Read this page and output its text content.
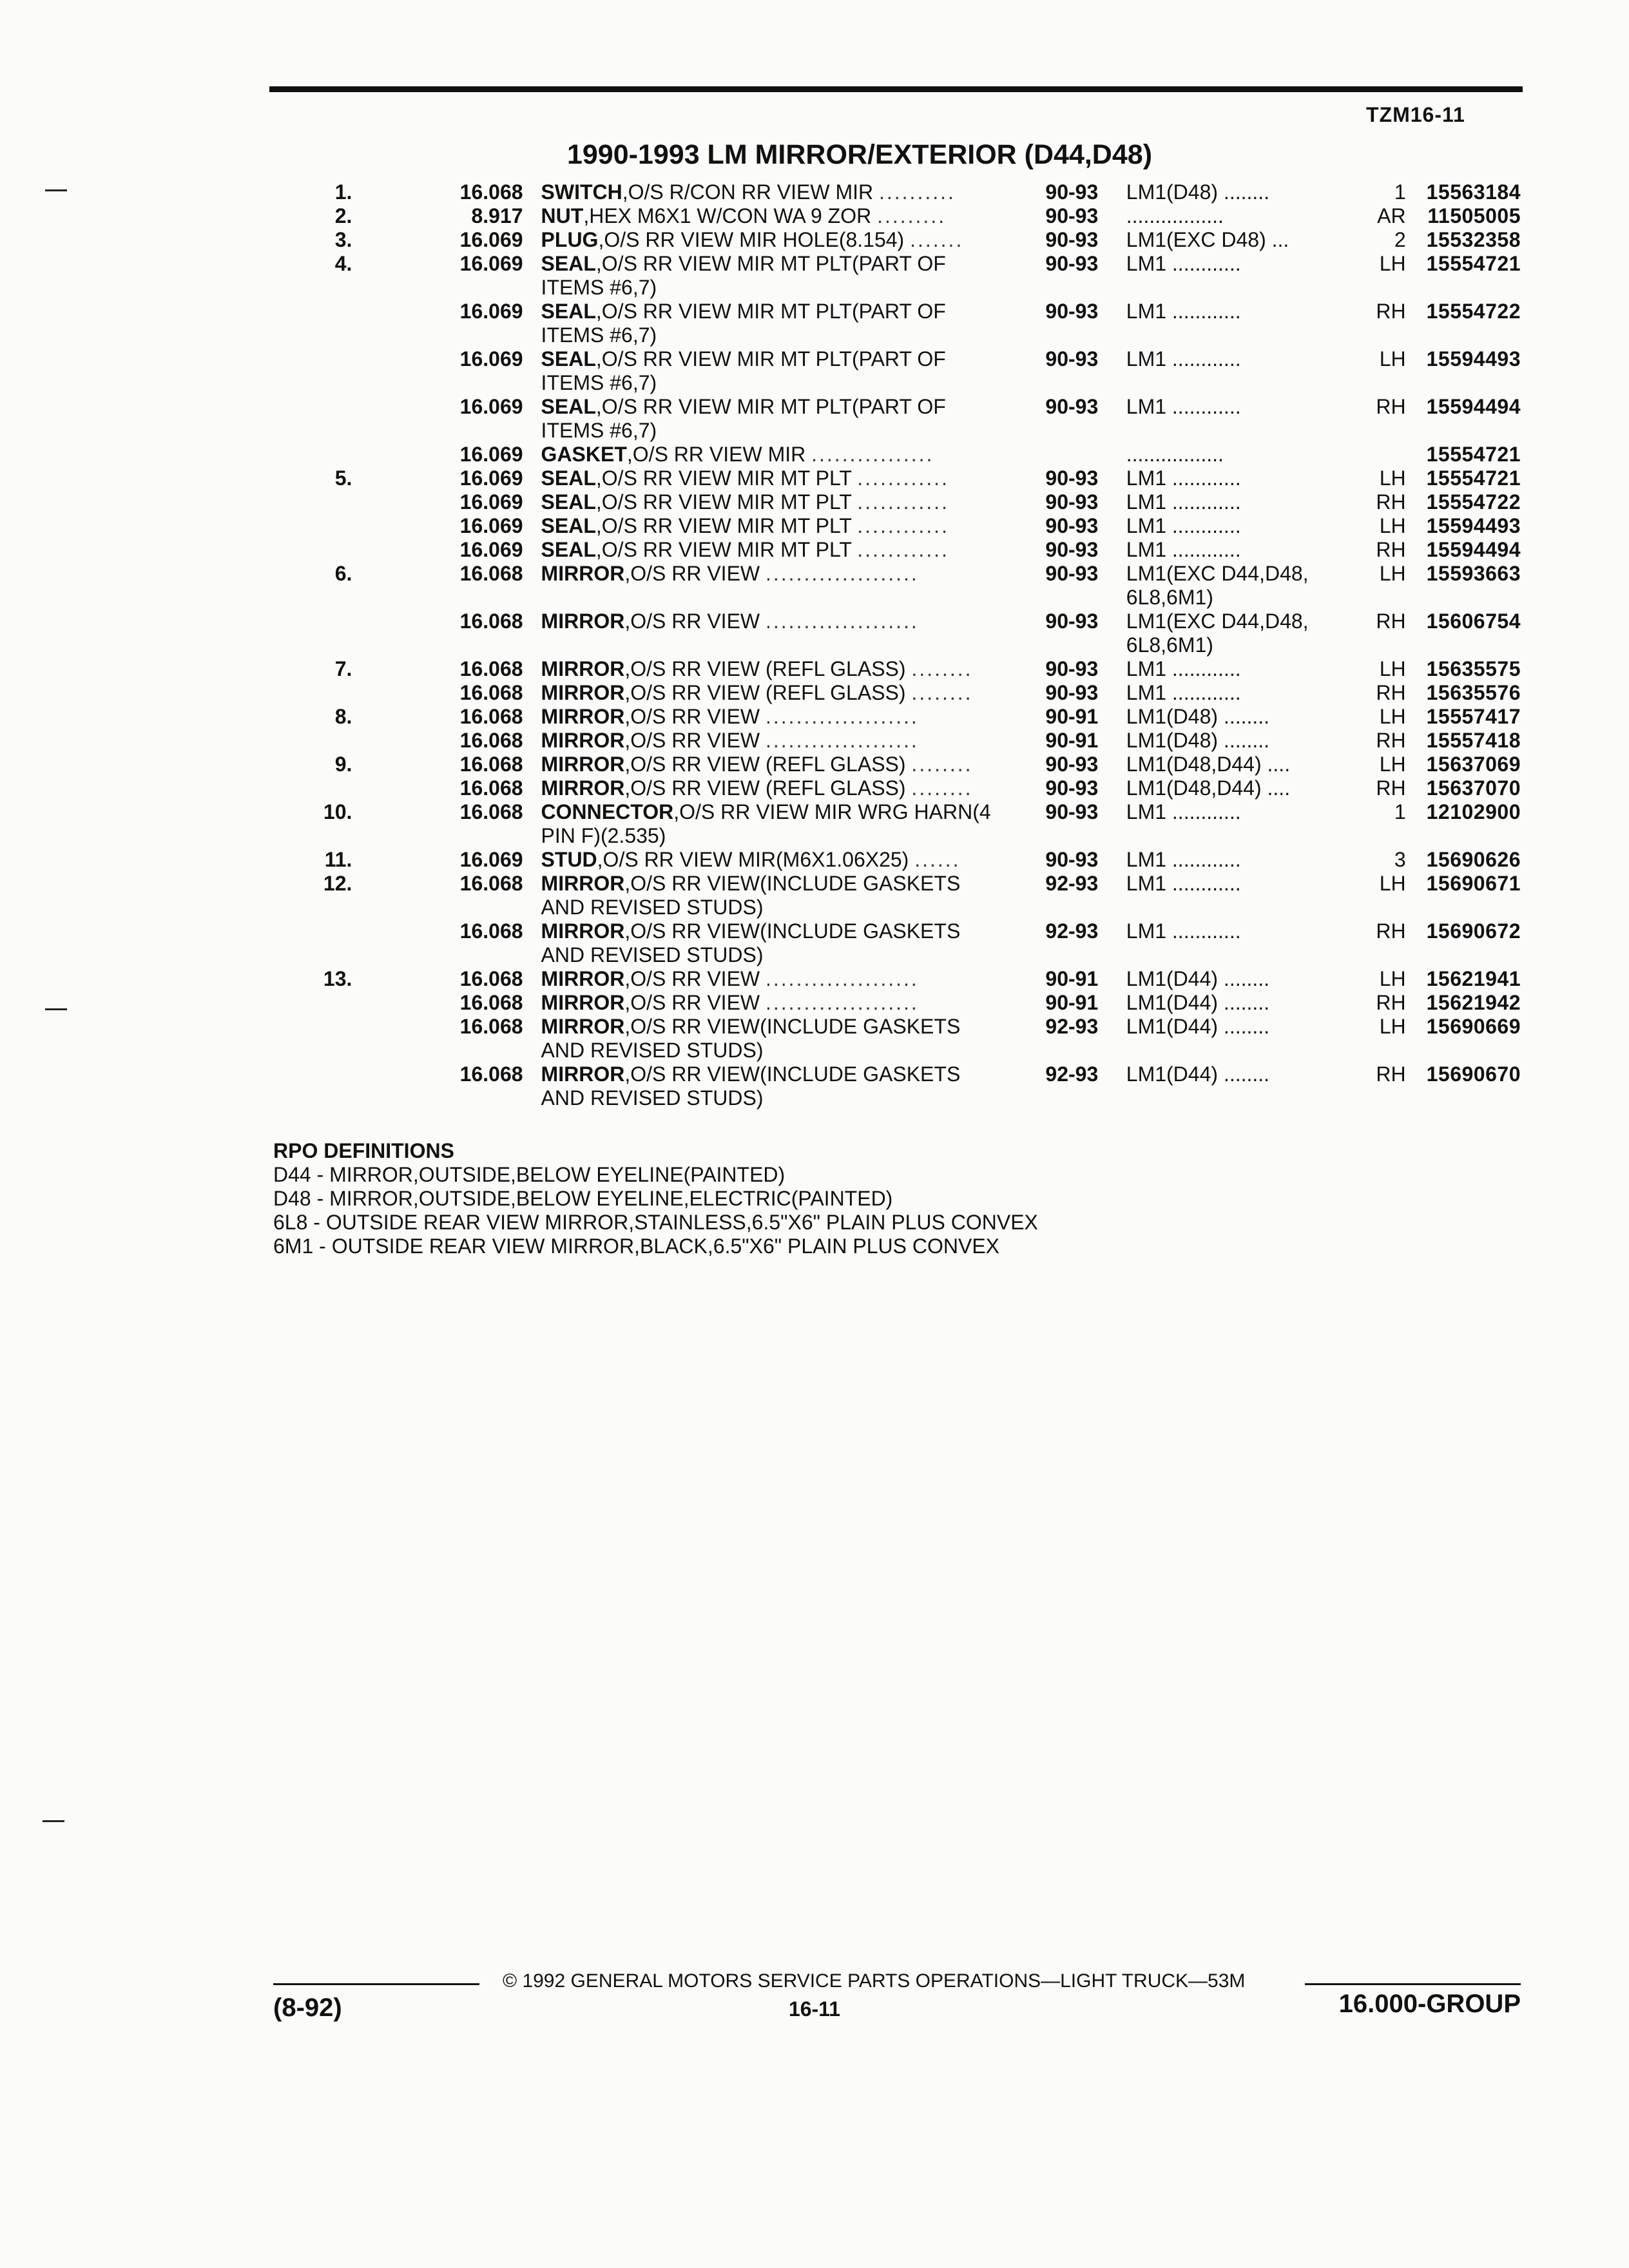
TZM16-11
1990-1993 LM MIRROR/EXTERIOR (D44,D48)
1.	16.068 SWITCH,O/S R/CON RR VIEW MIR ..........	90-93	LM1(D48) ........	1 15563184
2.	8.917 NUT,HEX M6X1 W/CON WA 9 ZOR .........	90-93	.................	AR	11505005
3.	16.069 PLUG,O/S RR VIEW MIR HOLE(8.154) .......	90-93	LM1(EXC D48) ...	2 15532358
4.	16.069 SEAL,O/S RR VIEW MIR MT PLT(PART OF	90-93	LM1 ............	LH 15554721
ITEMS #6,7)
16.069 SEAL,O/S RR VIEW MIR MT PLT(PART OF	90-93	LM1 ............	RH 15554722
ITEMS #6,7)
16.069 SEAL,O/S RR VIEW MIR MT PLT(PART OF	90-93	LM1 ............	LH 15594493
ITEMS #6,7)
16.069 SEAL,O/S RR VIEW MIR MT PLT(PART OF	90-93	LM1 ............	RH 15594494
ITEMS #6,7)
16.069 GASKET,O/S RR VIEW MIR ................	.................	15554721
5.	16.069 SEAL,O/S RR VIEW MIR MT PLT ............	90-93	LM1 ............	LH 15554721
16.069 SEAL,O/S RR VIEW MIR MT PLT ............	90-93	LM1 ............	RH 15554722
16.069 SEAL,O/S RR VIEW MIR MT PLT ............	90-93	LM1 ............	LH 15594493
16.069 SEAL,O/S RR VIEW MIR MT PLT ............	90-93	LM1 ............	RH 15594494
6.	16.068 MIRROR,O/S RR VIEW ....................	90-93	LM1(EXC D44,D48,	LH 15593663
6L8,6M1)
16.068 MIRROR,O/S RR VIEW ....................	90-93	LM1(EXC D44,D48,	RH 15606754
6L8,6M1)
7.	16.068 MIRROR,O/S RR VIEW (REFL GLASS) ........	90-93	LM1 ............	LH 15635575
16.068 MIRROR,O/S RR VIEW (REFL GLASS) ........	90-93	LM1 ............	RH 15635576
8.	16.068 MIRROR,O/S RR VIEW ....................	90-91	LM1(D48) ........	LH 15557417
16.068 MIRROR,O/S RR VIEW ....................	90-91	LM1(D48) ........	RH 15557418
9.	16.068 MIRROR,O/S RR VIEW (REFL GLASS) ........	90-93	LM1(D48,D44) ....	LH 15637069
16.068 MIRROR,O/S RR VIEW (REFL GLASS) ........	90-93	LM1(D48,D44) ....	RH 15637070
10.	16.068 CONNECTOR,O/S RR VIEW MIR WRG HARN(4	90-93	LM1 ............	1 12102900
PIN F)(2.535)
11.	16.069 STUD,O/S RR VIEW MIR(M6X1.06X25) ......	90-93	LM1 ............	3 15690626
12.	16.068 MIRROR,O/S RR VIEW(INCLUDE GASKETS	92-93	LM1 ............	LH 15690671
AND REVISED STUDS)
16.068 MIRROR,O/S RR VIEW(INCLUDE GASKETS	92-93	LM1 ............	RH 15690672
AND REVISED STUDS)
13.	16.068 MIRROR,O/S RR VIEW ....................	90-91	LM1(D44) ........	LH 15621941
16.068 MIRROR,O/S RR VIEW ....................	90-91	LM1(D44) ........	RH 15621942
16.068 MIRROR,O/S RR VIEW(INCLUDE GASKETS	92-93	LM1(D44) ........	LH 15690669
AND REVISED STUDS)
16.068 MIRROR,O/S RR VIEW(INCLUDE GASKETS	92-93	LM1(D44) ........	RH 15690670
AND REVISED STUDS)
RPO DEFINITIONS
D44 - MIRROR,OUTSIDE,BELOW EYELINE(PAINTED)
D48 - MIRROR,OUTSIDE,BELOW EYELINE,ELECTRIC(PAINTED)
6L8 - OUTSIDE REAR VIEW MIRROR,STAINLESS,6.5"X6" PLAIN PLUS CONVEX
6M1 - OUTSIDE REAR VIEW MIRROR,BLACK,6.5"X6" PLAIN PLUS CONVEX
© 1992 GENERAL MOTORS SERVICE PARTS OPERATIONS—LIGHT TRUCK—53M
(8-92)	16-11	16.000-GROUP
